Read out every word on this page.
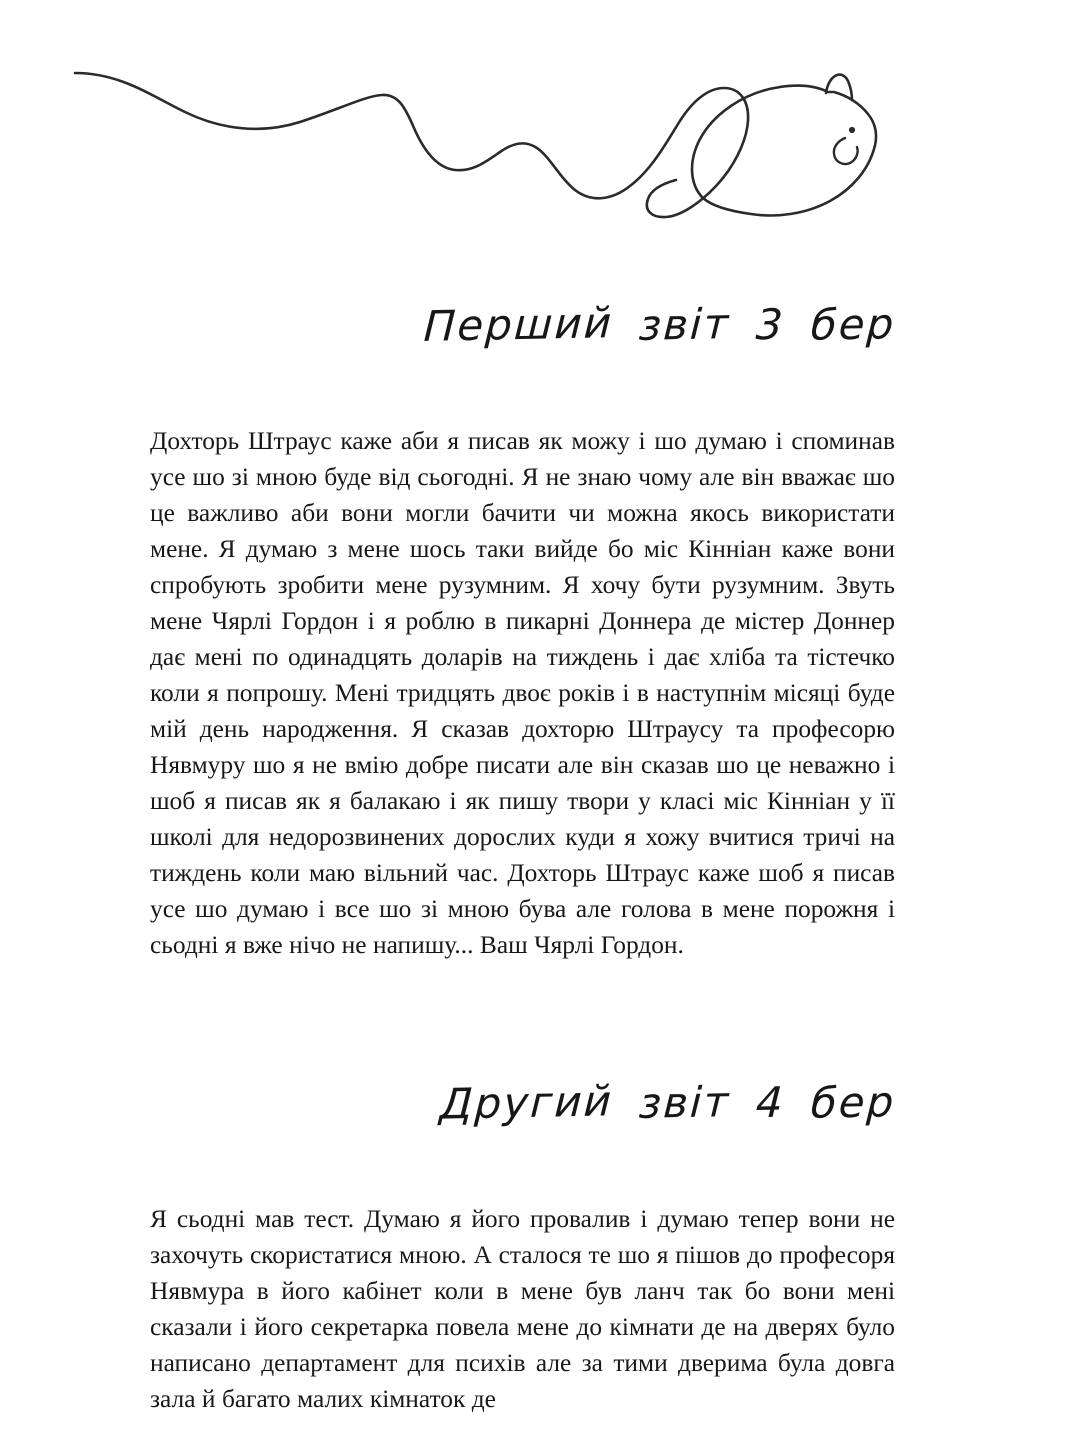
Перший звіт 3 бер

Дохторь Штраус каже аби я писав як можу і шо думаю і споминав усе шо зі мною буде від сьогодні. Я не знаю чому але він вважає шо це важливо аби вони могли бачити чи можна якось використати мене. Я думаю з мене шось таки вийде бо міс Кінніан каже вони спробують зробити мене рузумним. Я хочу бути рузумним. Звуть мене Чярлі Гордон і я роблю в пикарні Доннера де містер Доннер дає мені по одинадцять доларів на тиждень і дає хліба та тістечко коли я попрошу. Мені тридцять двоє років і в наступнім місяці буде мій день народження. Я сказав дохторю Штраусу та професорю Нявмуру шо я не вмію добре писати але він сказав шо це неважно і шоб я писав як я балакаю і як пишу твори у класі міс Кінніан у її школі для недорозвинених дорослих куди я хожу вчитися тричі на тиждень коли маю вільний час. Дохторь Штраус каже шоб я писав усе шо думаю і все шо зі мною бува але голова в мене порожня і сьодні я вже нічо не напишу... Ваш Чярлі Гордон.

Другий звіт 4 бер

Я сьодні мав тест. Думаю я його провалив і думаю тепер вони не захочуть скористатися мною. А сталося те шо я пішов до професоря Нявмура в його кабінет коли в мене був ланч так бо вони мені сказали і його секретарка повела мене до кімнати де на дверях було написано департамент для психів але за тими дверима була довга зала й багато малих кімнаток де
